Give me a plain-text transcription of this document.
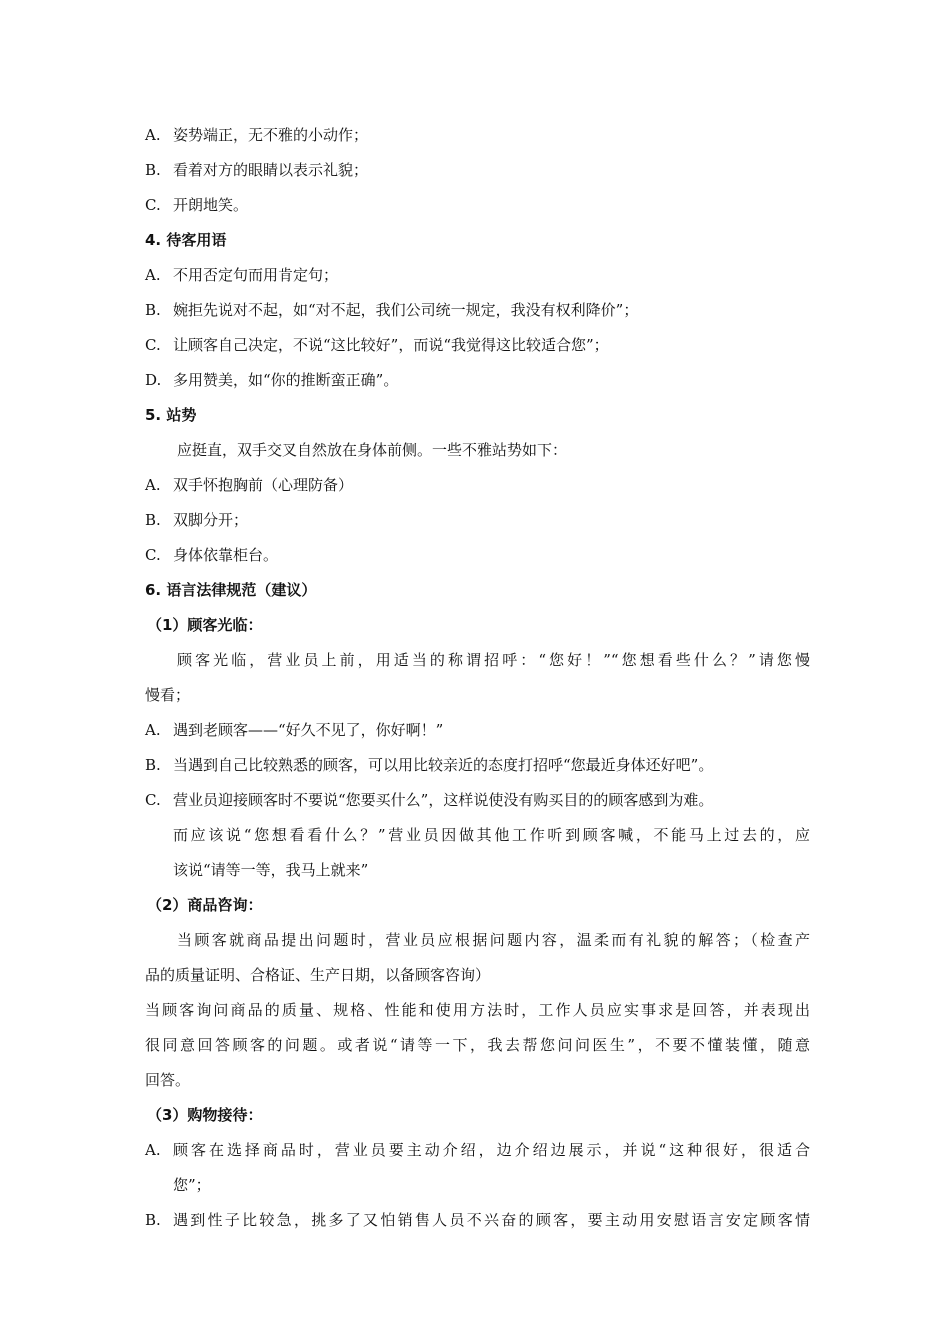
A. 姿势端正，无不雅的小动作；
B. 看着对方的眼睛以表示礼貌；
C. 开朗地笑。
4. 待客用语
A. 不用否定句而用肯定句；
B. 婉拒先说对不起，如“对不起，我们公司统一规定，我没有权利降价”；
C. 让顾客自己决定，不说“这比较好”，而说“我觉得这比较适合您”；
D. 多用赞美，如“你的推断蛮正确”。
5. 站势
应挺直，双手交叉自然放在身体前侧。一些不雅站势如下：
A. 双手怀抱胸前（心理防备）
B. 双脚分开；
C. 身体依靠柜台。
6. 语言法律规范（建议）
（1）顾客光临：
顾客光临，营业员上前，用适当的称谓招呼：“您好！”“您想看些什么？”请您慢
慢看；
A. 遇到老顾客——“好久不见了，你好啊！”
B. 当遇到自己比较熟悉的顾客，可以用比较亲近的态度打招呼“您最近身体还好吧”。
C. 营业员迎接顾客时不要说“您要买什么”，这样说使没有购买目的的顾客感到为难。
而应该说“您想看看什么？”营业员因做其他工作听到顾客喊，不能马上过去的，应
该说“请等一等，我马上就来”
（2）商品咨询：
当顾客就商品提出问题时，营业员应根据问题内容，温柔而有礼貌的解答；（检查产
品的质量证明、合格证、生产日期，以备顾客咨询）
当顾客询问商品的质量、规格、性能和使用方法时，工作人员应实事求是回答，并表现出
很同意回答顾客的问题。或者说“请等一下，我去帮您问问医生”，不要不懂装懂，随意
回答。
（3）购物接待：
A. 顾客在选择商品时，营业员要主动介绍，边介绍边展示，并说“这种很好，很适合
您”；
B. 遇到性子比较急，挑多了又怕销售人员不兴奋的顾客，要主动用安慰语言安定顾客情
